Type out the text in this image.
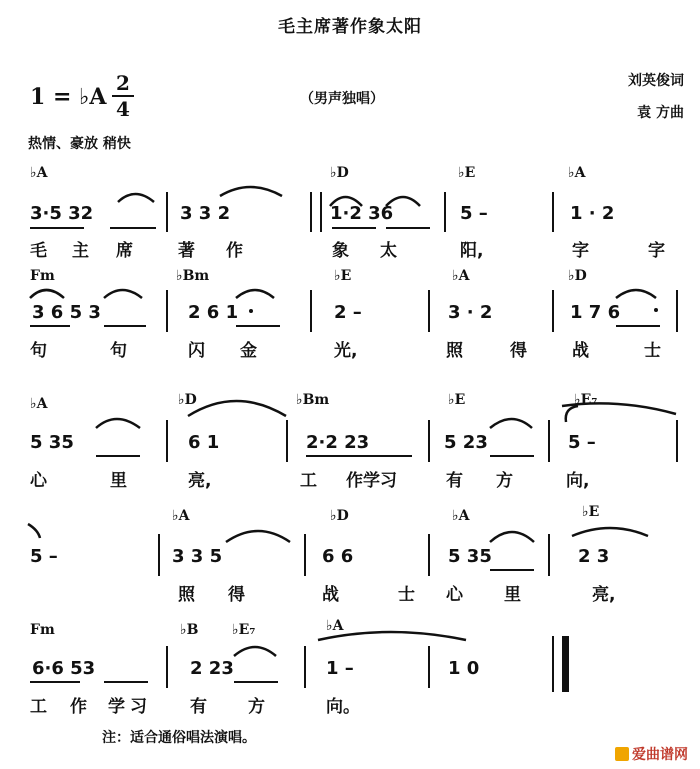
毛主席著作象太阳
1 = ♭A
2
4	（男声独唱）
刘英俊词
袁 方曲
热情、豪放 稍快
♭A	♭D	♭E	♭A
3·5 32	3 3 2	1·2 36	5 –	1 · 2
毛 主 席	著 作	象 太	阳,	字	字
Fm	♭Bm	♭E	♭A	♭D
3 6 5 3	2 6 1	2 –	3 · 2	1 7 6
句	句	闪 金	光,	照	得	战	士
♭A	♭D	♭Bm	♭E	♭E₇
5 35	6 1	2·2 23	5 23	5 –
心	里	亮,	工 作学习	有 方	向,
♭A	♭D	♭A	♭E
5 –	3 3 5	6 6	5 35	2 3
照 得	战	士 心 里	亮,
Fm	♭B ♭E₇	♭A
6·6 53	2 23	1 –	1 0
工 作 学 习	有 方	向。
注：适合通俗唱法演唱。
爱曲谱网
